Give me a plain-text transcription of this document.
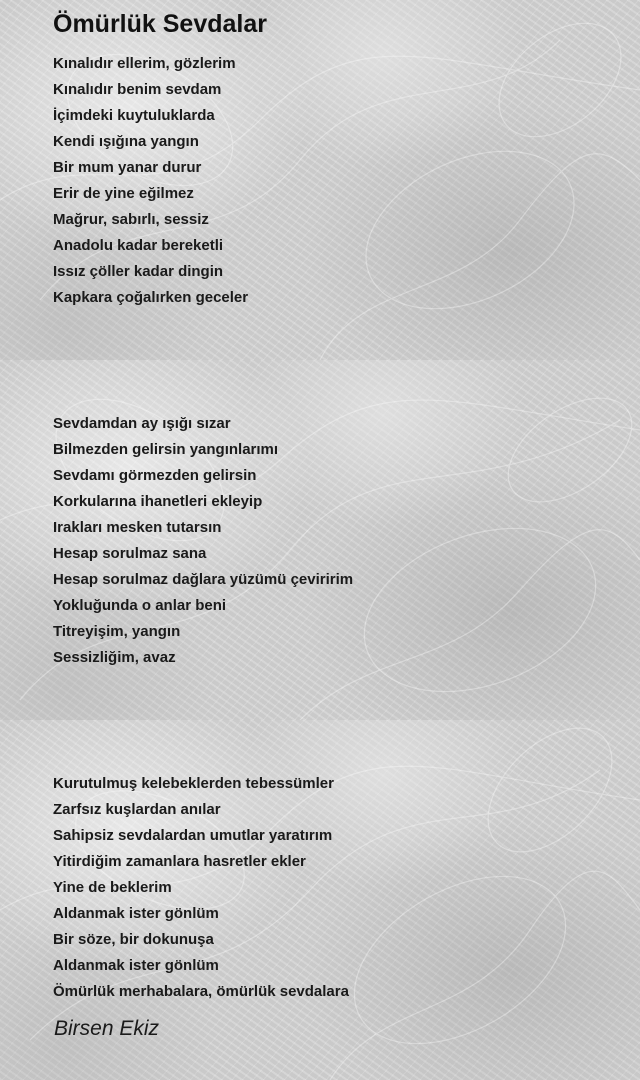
Ömürlük Sevdalar
Kınalıdır ellerim, gözlerim
Kınalıdır benim sevdam
İçimdeki kuytuluklarda
Kendi ışığına yangın
Bir mum yanar durur
Erir de yine eğilmez
Mağrur, sabırlı, sessiz
Anadolu kadar bereketli
Issız çöller kadar dingin
Kapkara çoğalırken geceler
Sevdamdan ay ışığı sızar
Bilmezden gelirsin yangınlarımı
Sevdamı görmezden gelirsin
Korkularına ihanetleri ekleyip
Irakları mesken tutarsın
Hesap sorulmaz sana
Hesap sorulmaz dağlara yüzümü çeviririm
Yokluğunda o anlar beni
Titreyişim, yangın
Sessizliğim, avaz
Kurutulmuş kelebeklerden tebessümler
Zarfsız kuşlardan anılar
Sahipsiz sevdalardan umutlar yaratırım
Yitirdiğim zamanlara hasretler ekler
Yine de beklerim
Aldanmak ister gönlüm
Bir söze, bir dokunuşa
Aldanmak ister gönlüm
Ömürlük merhabalara, ömürlük sevdalara
Birsen Ekiz
